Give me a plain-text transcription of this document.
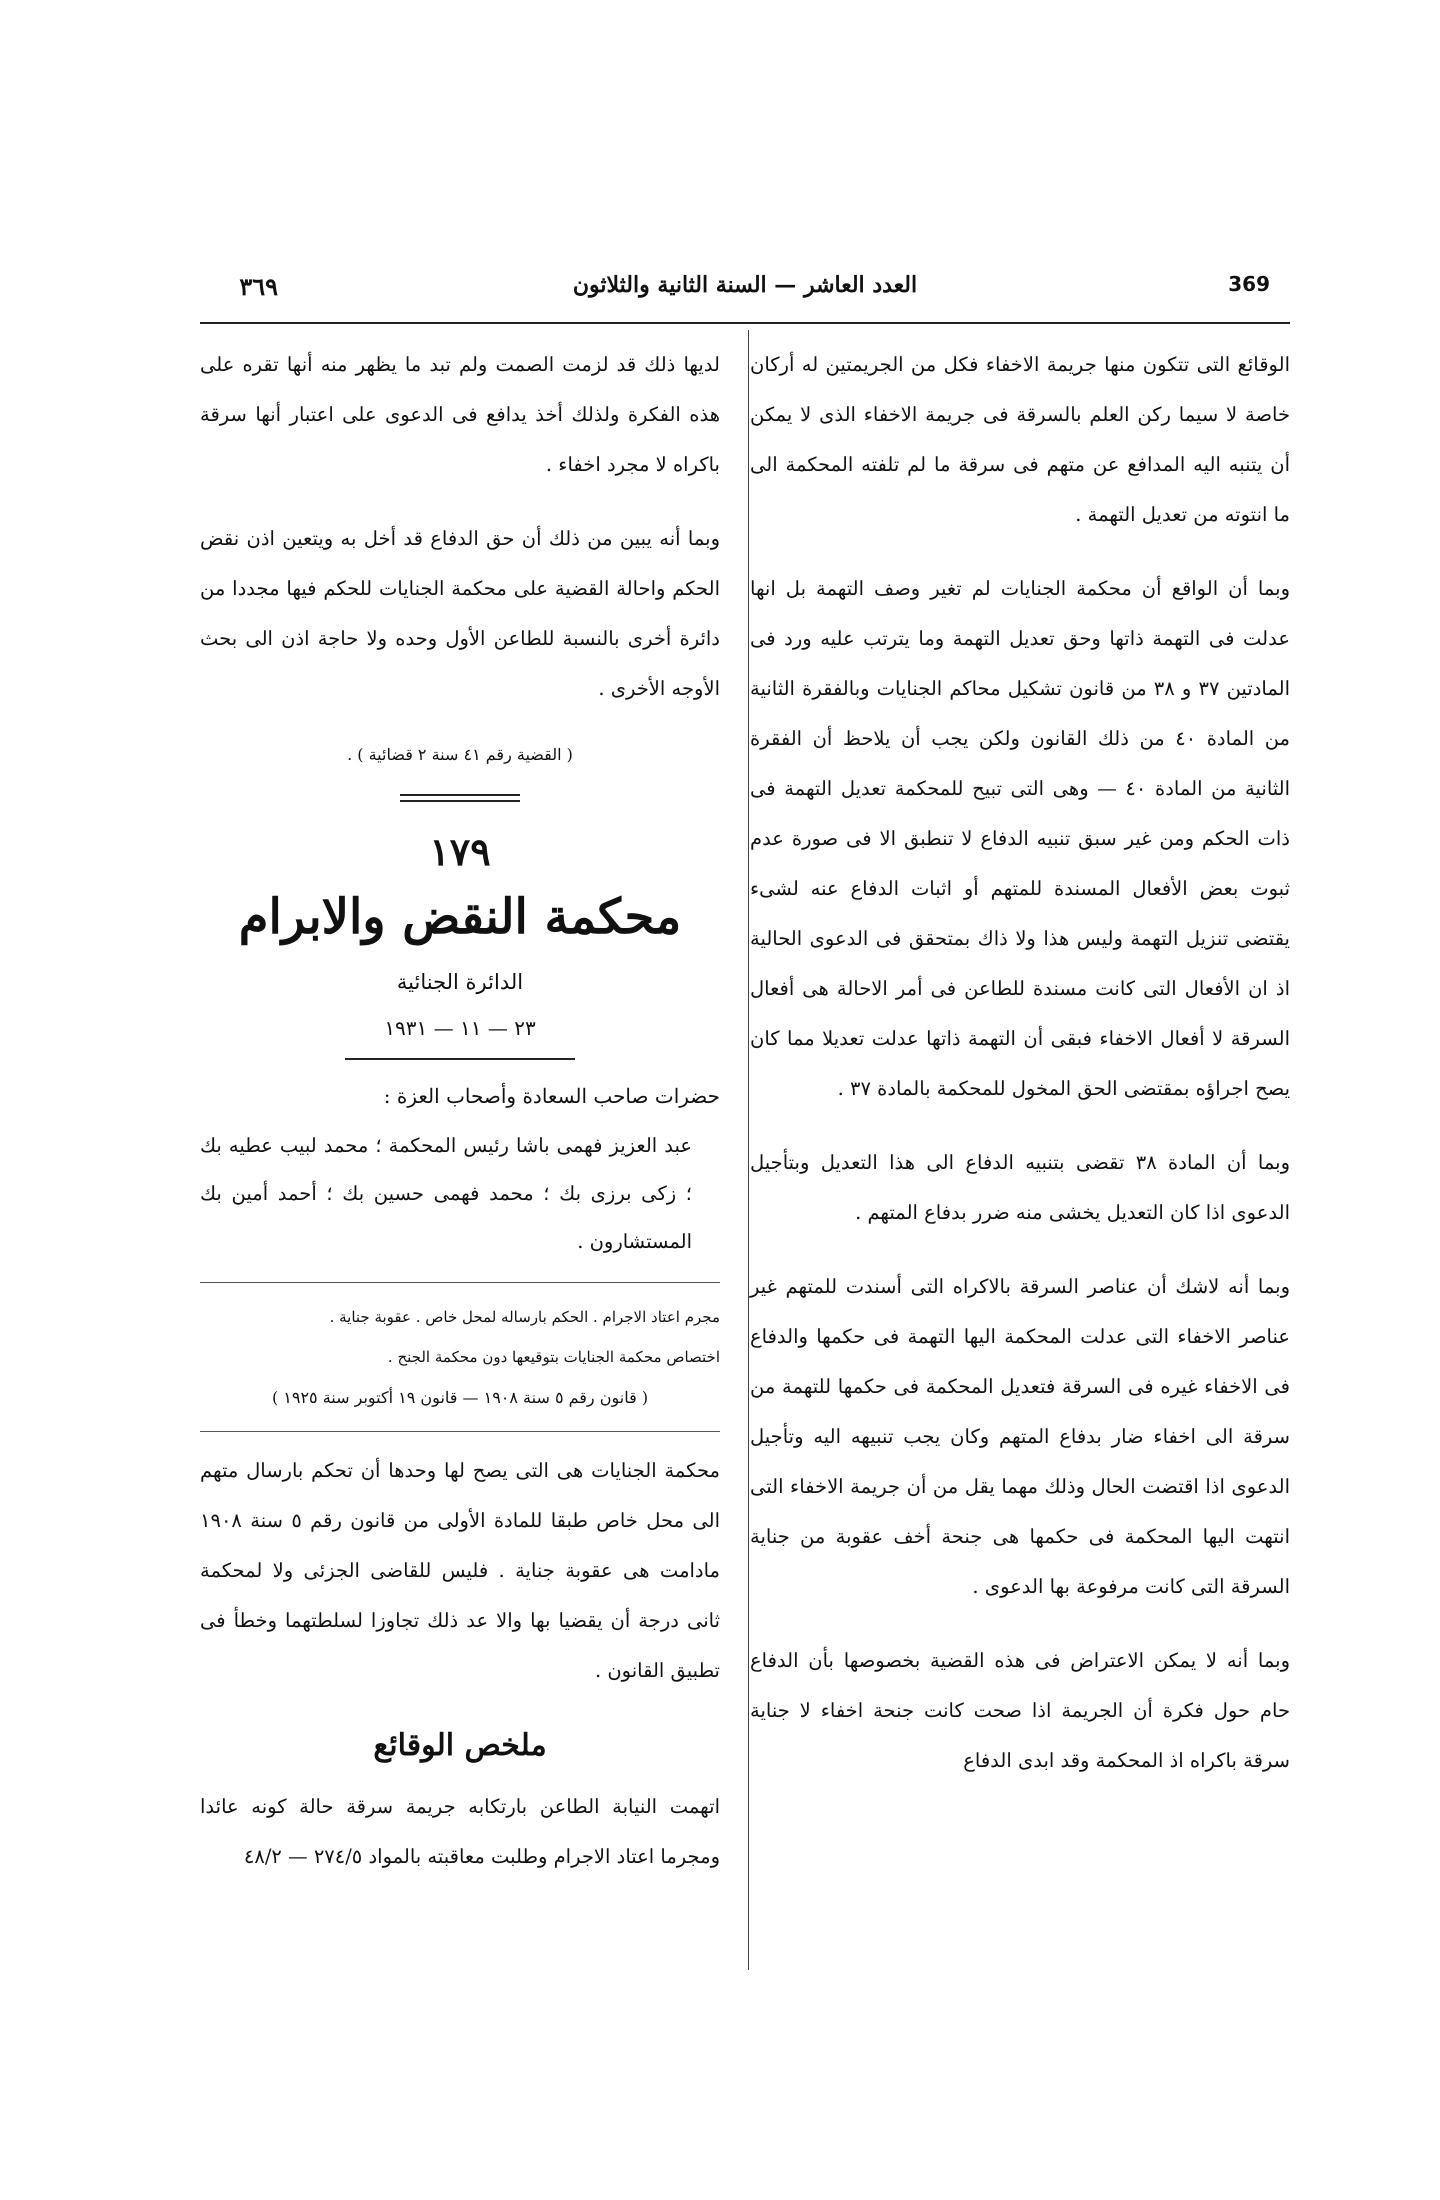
369
العدد العاشر — السنة الثانية والثلاثون
٣٦٩

الوقائع التى تتكون منها جريمة الاخفاء فكل من الجريمتين له أركان خاصة لا سيما ركن العلم بالسرقة فى جريمة الاخفاء الذى لا يمكن أن يتنبه اليه المدافع عن متهم فى سرقة ما لم تلفته المحكمة الى ما انتوته من تعديل التهمة .

وبما أن الواقع أن محكمة الجنايات لم تغير وصف التهمة بل انها عدلت فى التهمة ذاتها وحق تعديل التهمة وما يترتب عليه ورد فى المادتين ٣٧ و ٣٨ من قانون تشكيل محاكم الجنايات وبالفقرة الثانية من المادة ٤٠ من ذلك القانون ولكن يجب أن يلاحظ أن الفقرة الثانية من المادة ٤٠ — وهى التى تبيح للمحكمة تعديل التهمة فى ذات الحكم ومن غير سبق تنبيه الدفاع لا تنطبق الا فى صورة عدم ثبوت بعض الأفعال المسندة للمتهم أو اثبات الدفاع عنه لشىء يقتضى تنزيل التهمة وليس هذا ولا ذاك بمتحقق فى الدعوى الحالية اذ ان الأفعال التى كانت مسندة للطاعن فى أمر الاحالة هى أفعال السرقة لا أفعال الاخفاء فبقى أن التهمة ذاتها عدلت تعديلا مما كان يصح اجراؤه بمقتضى الحق المخول للمحكمة بالمادة ٣٧ .

وبما أن المادة ٣٨ تقضى بتنبيه الدفاع الى هذا التعديل وبتأجيل الدعوى اذا كان التعديل يخشى منه ضرر بدفاع المتهم .

وبما أنه لاشك أن عناصر السرقة بالاكراه التى أسندت للمتهم غير عناصر الاخفاء التى عدلت المحكمة اليها التهمة فى حكمها والدفاع فى الاخفاء غيره فى السرقة فتعديل المحكمة فى حكمها للتهمة من سرقة الى اخفاء ضار بدفاع المتهم وكان يجب تنبيهه اليه وتأجيل الدعوى اذا اقتضت الحال وذلك مهما يقل من أن جريمة الاخفاء التى انتهت اليها المحكمة فى حكمها هى جنحة أخف عقوبة من جناية السرقة التى كانت مرفوعة بها الدعوى .

وبما أنه لا يمكن الاعتراض فى هذه القضية بخصوصها بأن الدفاع حام حول فكرة أن الجريمة اذا صحت كانت جنحة اخفاء لا جناية سرقة باكراه اذ المحكمة وقد ابدى الدفاع

لديها ذلك قد لزمت الصمت ولم تبد ما يظهر منه أنها تقره على هذه الفكرة ولذلك أخذ يدافع فى الدعوى على اعتبار أنها سرقة باكراه لا مجرد اخفاء .

وبما أنه يبين من ذلك أن حق الدفاع قد أخل به ويتعين اذن نقض الحكم واحالة القضية على محكمة الجنايات للحكم فيها مجددا من دائرة أخرى بالنسبة للطاعن الأول وحده ولا حاجة اذن الى بحث الأوجه الأخرى .

( القضية رقم ٤١ سنة ٢ قضائية ) .

١٧٩

محكمة النقض والابرام

الدائرة الجنائية

٢٣ — ١١ — ١٩٣١

حضرات صاحب السعادة وأصحاب العزة :

عبد العزيز فهمى باشا رئيس المحكمة ؛ محمد لبيب عطيه بك ؛ زكى برزى بك ؛ محمد فهمى حسين بك ؛ أحمد أمين بك المستشارون .

مجرم اعتاد الاجرام . الحكم بارساله لمحل خاص . عقوبة جناية .

اختصاص محكمة الجنايات بتوقيعها دون محكمة الجنح .

( قانون رقم ٥ سنة ١٩٠٨ — قانون ١٩ أكتوبر سنة ١٩٢٥ )

محكمة الجنايات هى التى يصح لها وحدها أن تحكم بارسال متهم الى محل خاص طبقا للمادة الأولى من قانون رقم ٥ سنة ١٩٠٨ مادامت هى عقوبة جناية . فليس للقاضى الجزئى ولا لمحكمة ثانى درجة أن يقضيا بها والا عد ذلك تجاوزا لسلطتهما وخطأ فى تطبيق القانون .

ملخص الوقائع

اتهمت النيابة الطاعن بارتكابه جريمة سرقة حالة كونه عائدا ومجرما اعتاد الاجرام وطلبت معاقبته بالمواد ٢٧٤/٥ — ٤٨/٢
